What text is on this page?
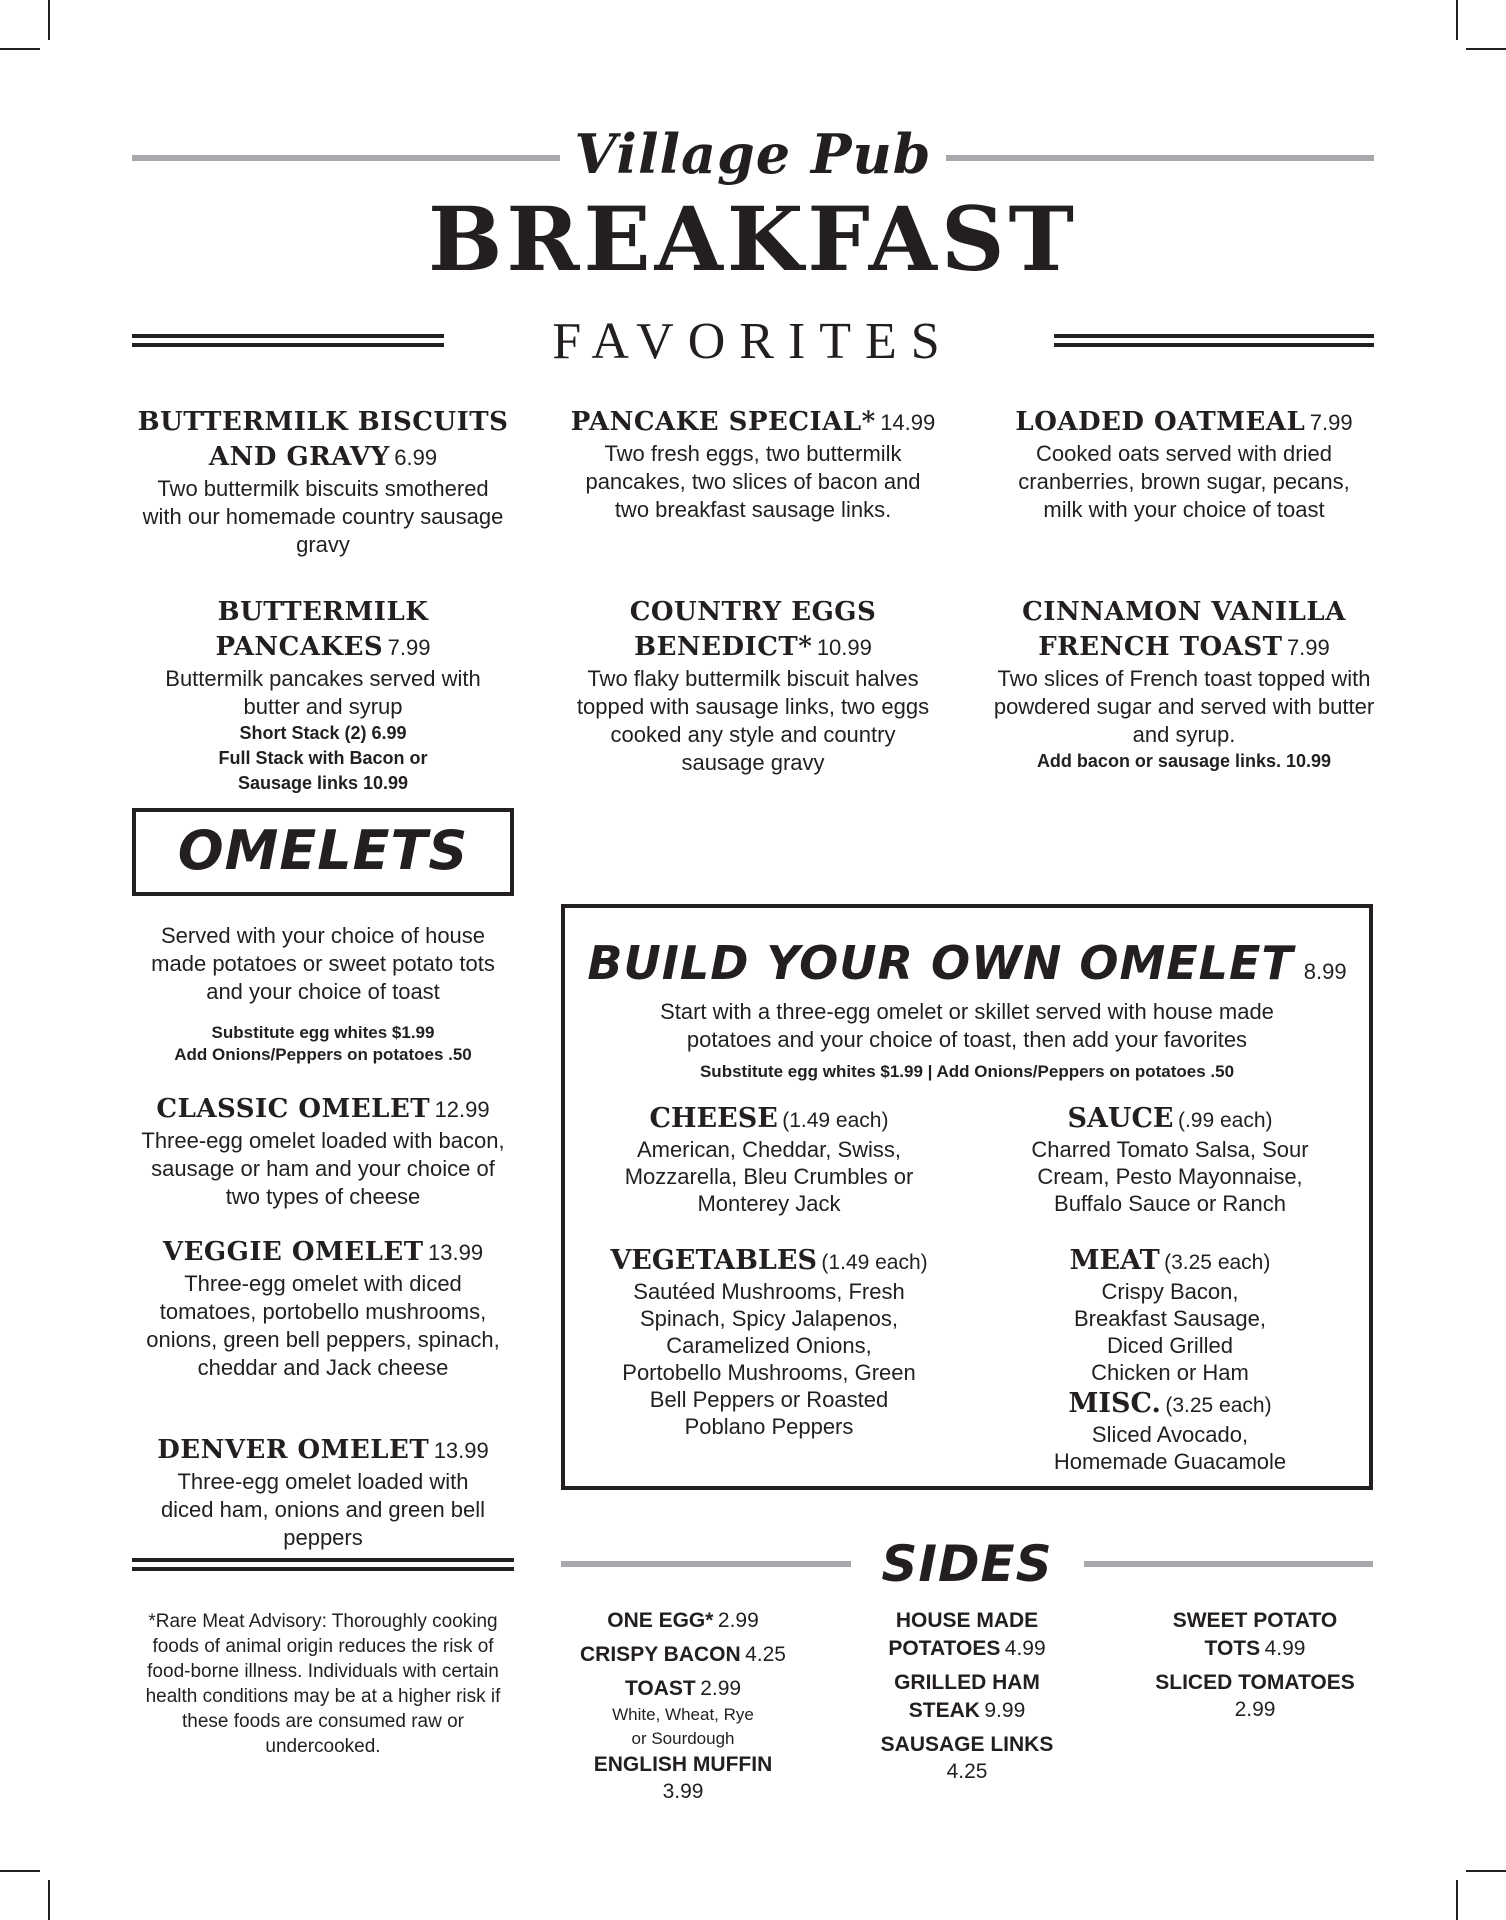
Village Pub
BREAKFAST
FAVORITES
BUTTERMILK BISCUITS AND GRAVY 6.99
Two buttermilk biscuits smothered with our homemade country sausage gravy
PANCAKE SPECIAL* 14.99
Two fresh eggs, two buttermilk pancakes, two slices of bacon and two breakfast sausage links.
LOADED OATMEAL 7.99
Cooked oats served with dried cranberries, brown sugar, pecans, milk with your choice of toast
BUTTERMILK PANCAKES 7.99
Buttermilk pancakes served with butter and syrup
Short Stack (2) 6.99
Full Stack with Bacon or Sausage links 10.99
COUNTRY EGGS BENEDICT* 10.99
Two flaky buttermilk biscuit halves topped with sausage links, two eggs cooked any style and country sausage gravy
CINNAMON VANILLA FRENCH TOAST 7.99
Two slices of French toast topped with powdered sugar and served with butter and syrup.
Add bacon or sausage links. 10.99
OMELETS
Served with your choice of house made potatoes or sweet potato tots and your choice of toast
Substitute egg whites $1.99
Add Onions/Peppers on potatoes .50
CLASSIC OMELET 12.99
Three-egg omelet loaded with bacon, sausage or ham and your choice of two types of cheese
VEGGIE OMELET 13.99
Three-egg omelet with diced tomatoes, portobello mushrooms, onions, green bell peppers, spinach, cheddar and Jack cheese
DENVER OMELET 13.99
Three-egg omelet loaded with diced ham, onions and green bell peppers
BUILD YOUR OWN OMELET 8.99
Start with a three-egg omelet or skillet served with house made potatoes and your choice of toast, then add your favorites
Substitute egg whites $1.99 | Add Onions/Peppers on potatoes .50
CHEESE (1.49 each)
American, Cheddar, Swiss, Mozzarella, Bleu Crumbles or Monterey Jack
SAUCE (.99 each)
Charred Tomato Salsa, Sour Cream, Pesto Mayonnaise, Buffalo Sauce or Ranch
VEGETABLES (1.49 each)
Sautéed Mushrooms, Fresh Spinach, Spicy Jalapenos, Caramelized Onions, Portobello Mushrooms, Green Bell Peppers or Roasted Poblano Peppers
MEAT (3.25 each)
Crispy Bacon, Breakfast Sausage, Diced Grilled Chicken or Ham
MISC. (3.25 each)
Sliced Avocado, Homemade Guacamole
SIDES
ONE EGG* 2.99
CRISPY BACON 4.25
TOAST 2.99
White, Wheat, Rye or Sourdough
ENGLISH MUFFIN
3.99
HOUSE MADE POTATOES 4.99
GRILLED HAM STEAK 9.99
SAUSAGE LINKS
4.25
SWEET POTATO TOTS 4.99
SLICED TOMATOES
2.99
*Rare Meat Advisory: Thoroughly cooking foods of animal origin reduces the risk of food-borne illness. Individuals with certain health conditions may be at a higher risk if these foods are consumed raw or undercooked.
